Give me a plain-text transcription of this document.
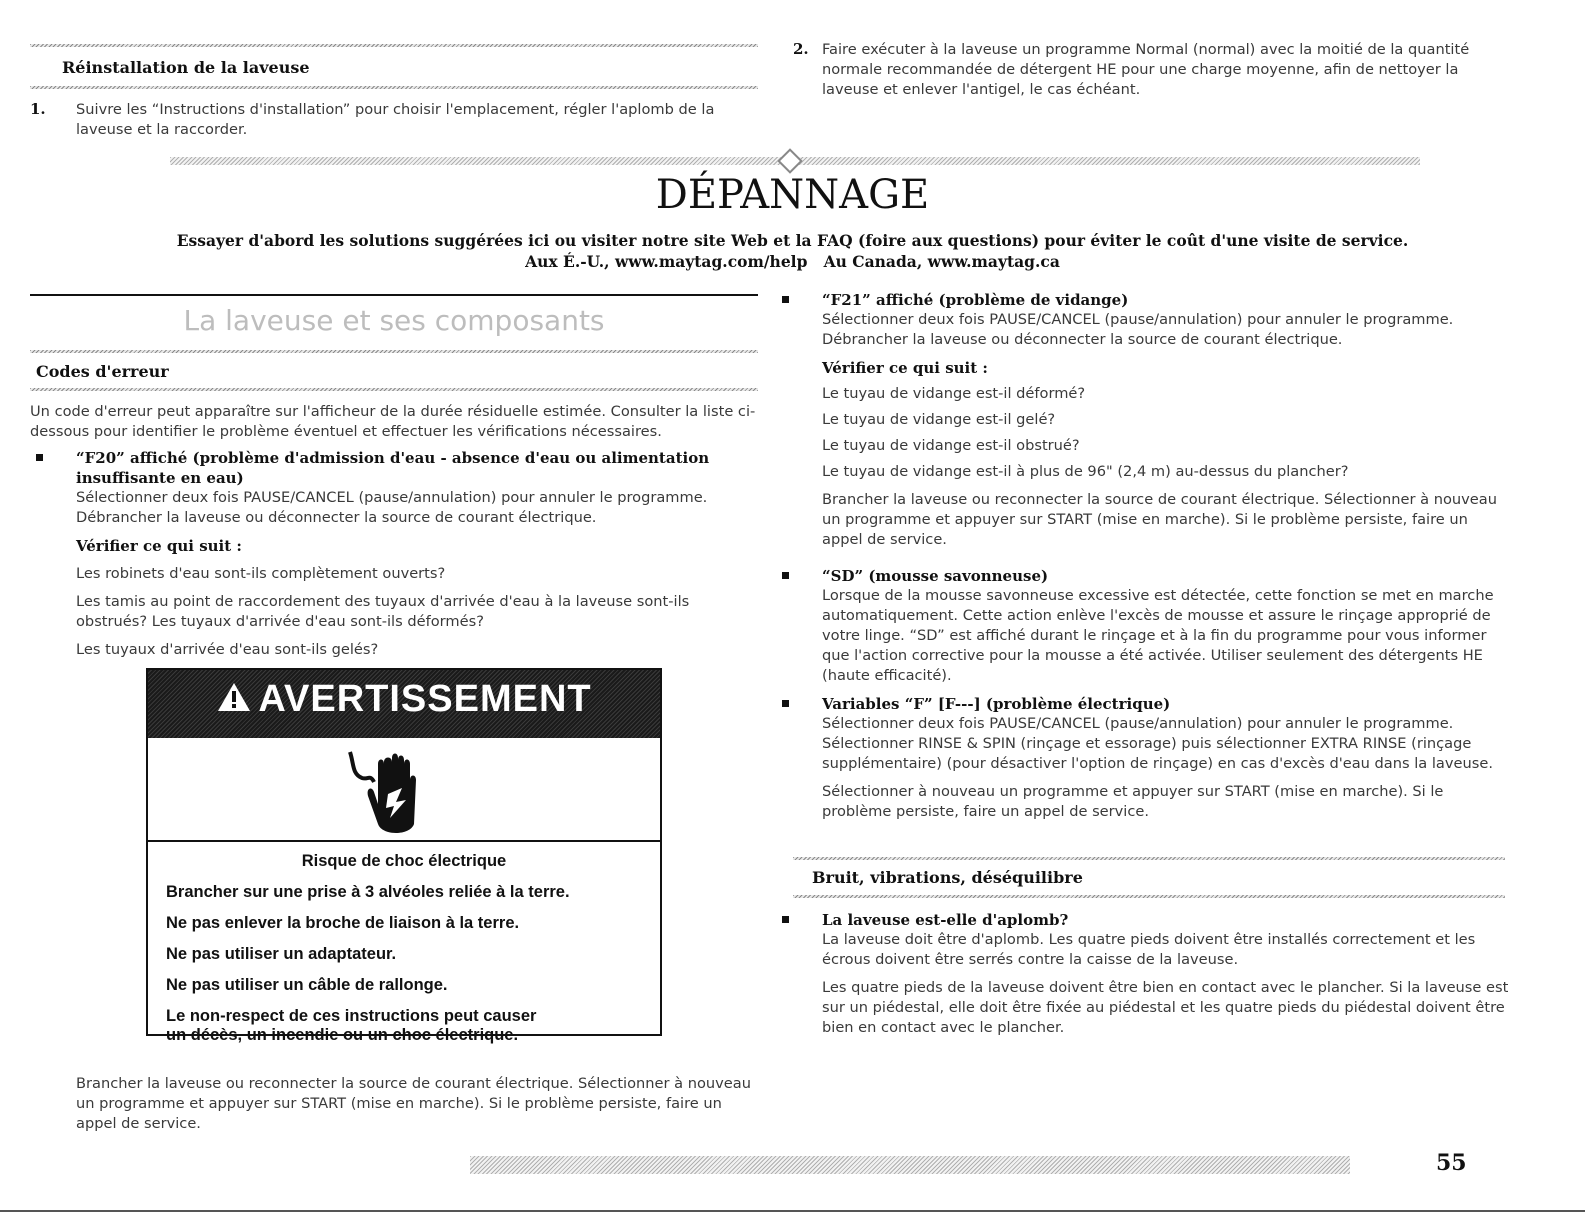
Réinstallation de la laveuse
1. Suivre les “Instructions d'installation” pour choisir l'emplacement, régler l'aplomb de la laveuse et la raccorder.

2. Faire exécuter à la laveuse un programme Normal (normal) avec la moitié de la quantité normale recommandée de détergent HE pour une charge moyenne, afin de nettoyer la laveuse et enlever l'antigel, le cas échéant.

DÉPANNAGE
Essayer d'abord les solutions suggérées ici ou visiter notre site Web et la FAQ (foire aux questions) pour éviter le coût d'une visite de service.
Aux É.-U., www.maytag.com/help   Au Canada, www.maytag.ca
La laveuse et ses composants
Codes d'erreur

Un code d'erreur peut apparaître sur l'afficheur de la durée résiduelle estimée. Consulter la liste ci-dessous pour identifier le problème éventuel et effectuer les vérifications nécessaires.

“F20” affiché (problème d'admission d'eau - absence d'eau ou alimentation insuffisante en eau)

Sélectionner deux fois PAUSE/CANCEL (pause/annulation) pour annuler le programme. Débrancher la laveuse ou déconnecter la source de courant électrique.

Vérifier ce qui suit :

Les robinets d'eau sont-ils complètement ouverts?

Les tamis au point de raccordement des tuyaux d'arrivée d'eau à la laveuse sont-ils obstrués? Les tuyaux d'arrivée d'eau sont-ils déformés?

Les tuyaux d'arrivée d'eau sont-ils gelés?

AVERTISSEMENT
Risque de choc électrique
Brancher sur une prise à 3 alvéoles reliée à la terre.
Ne pas enlever la broche de liaison à la terre.
Ne pas utiliser un adaptateur.
Ne pas utiliser un câble de rallonge.
Le non-respect de ces instructions peut causer
un décès, un incendie ou un choc électrique.

Brancher la laveuse ou reconnecter la source de courant électrique. Sélectionner à nouveau un programme et appuyer sur START (mise en marche). Si le problème persiste, faire un appel de service.

“F21” affiché (problème de vidange)

Sélectionner deux fois PAUSE/CANCEL (pause/annulation) pour annuler le programme. Débrancher la laveuse ou déconnecter la source de courant électrique.

Vérifier ce qui suit :

Le tuyau de vidange est-il déformé?

Le tuyau de vidange est-il gelé?

Le tuyau de vidange est-il obstrué?

Le tuyau de vidange est-il à plus de 96" (2,4 m) au-dessus du plancher?

Brancher la laveuse ou reconnecter la source de courant électrique. Sélectionner à nouveau un programme et appuyer sur START (mise en marche). Si le problème persiste, faire un appel de service.

“SD” (mousse savonneuse)

Lorsque de la mousse savonneuse excessive est détectée, cette fonction se met en marche automatiquement. Cette action enlève l'excès de mousse et assure le rinçage approprié de votre linge. “SD” est affiché durant le rinçage et à la fin du programme pour vous informer que l'action corrective pour la mousse a été activée. Utiliser seulement des détergents HE (haute efficacité).

Variables “F” [F---] (problème électrique)

Sélectionner deux fois PAUSE/CANCEL (pause/annulation) pour annuler le programme. Sélectionner RINSE & SPIN (rinçage et essorage) puis sélectionner EXTRA RINSE (rinçage supplémentaire) (pour désactiver l'option de rinçage) en cas d'excès d'eau dans la laveuse.

Sélectionner à nouveau un programme et appuyer sur START (mise en marche). Si le problème persiste, faire un appel de service.

Bruit, vibrations, déséquilibre

La laveuse est-elle d'aplomb?

La laveuse doit être d'aplomb. Les quatre pieds doivent être installés correctement et les écrous doivent être serrés contre la caisse de la laveuse.

Les quatre pieds de la laveuse doivent être bien en contact avec le plancher. Si la laveuse est sur un piédestal, elle doit être fixée au piédestal et les quatre pieds du piédestal doivent être bien en contact avec le plancher.

55
